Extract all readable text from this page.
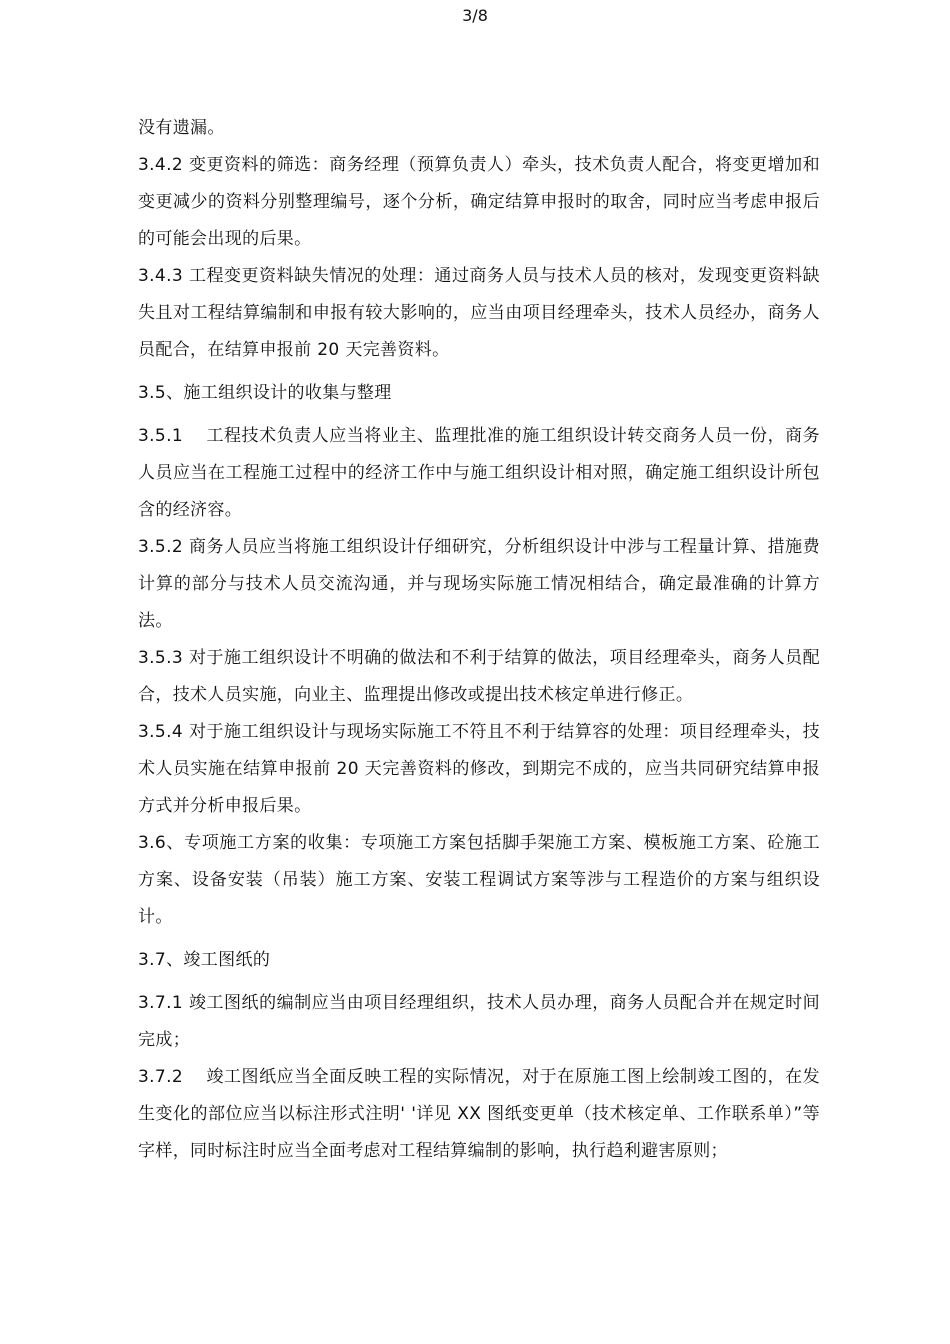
3/8

没有遗漏。

3.4.2 变更资料的筛选：商务经理（预算负责人）牵头，技术负责人配合，将变更增加和变更减少的资料分别整理编号，逐个分析，确定结算申报时的取舍，同时应当考虑申报后的可能会出现的后果。

3.4.3 工程变更资料缺失情况的处理：通过商务人员与技术人员的核对，发现变更资料缺失且对工程结算编制和申报有较大影响的，应当由项目经理牵头，技术人员经办，商务人员配合，在结算申报前 20 天完善资料。

3.5、施工组织设计的收集与整理

3.5.1 　工程技术负责人应当将业主、监理批准的施工组织设计转交商务人员一份，商务人员应当在工程施工过程中的经济工作中与施工组织设计相对照，确定施工组织设计所包含的经济容。

3.5.2 商务人员应当将施工组织设计仔细研究，分析组织设计中涉与工程量计算、措施费计算的部分与技术人员交流沟通，并与现场实际施工情况相结合，确定最准确的计算方法。

3.5.3 对于施工组织设计不明确的做法和不利于结算的做法，项目经理牵头，商务人员配合，技术人员实施，向业主、监理提出修改或提出技术核定单进行修正。

3.5.4 对于施工组织设计与现场实际施工不符且不利于结算容的处理：项目经理牵头，技术人员实施在结算申报前 20 天完善资料的修改，到期完不成的，应当共同研究结算申报方式并分析申报后果。

3.6、专项施工方案的收集：专项施工方案包括脚手架施工方案、模板施工方案、砼施工方案、设备安装（吊装）施工方案、安装工程调试方案等涉与工程造价的方案与组织设计。

3.7、竣工图纸的

3.7.1 竣工图纸的编制应当由项目经理组织，技术人员办理，商务人员配合并在规定时间完成；

3.7.2 　竣工图纸应当全面反映工程的实际情况，对于在原施工图上绘制竣工图的，在发生变化的部位应当以标注形式注明' '详见 XX 图纸变更单（技术核定单、工作联系单）”等字样，同时标注时应当全面考虑对工程结算编制的影响，执行趋利避害原则；
